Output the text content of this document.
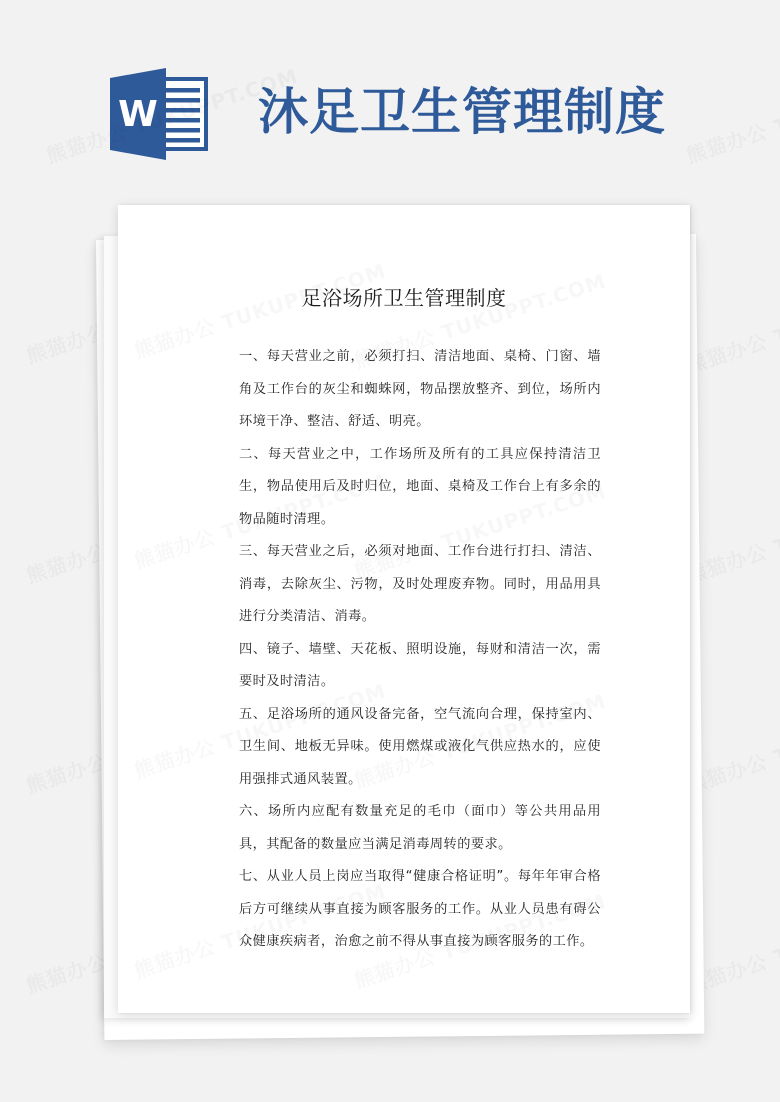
W 沐足卫生管理制度
足浴场所卫生管理制度

一、每天营业之前，必须打扫、清洁地面、桌椅、门窗、墙角及工作台的灰尘和蜘蛛网，物品摆放整齐、到位，场所内环境干净、整洁、舒适、明亮。

二、每天营业之中，工作场所及所有的工具应保持清洁卫生，物品使用后及时归位，地面、桌椅及工作台上有多余的物品随时清理。

三、每天营业之后，必须对地面、工作台进行打扫、清洁、消毒，去除灰尘、污物，及时处理废弃物。同时，用品用具进行分类清洁、消毒。

四、镜子、墙壁、天花板、照明设施，每财和清洁一次，需要时及时清洁。

五、足浴场所的通风设备完备，空气流向合理，保持室内、卫生间、地板无异味。使用燃煤或液化气供应热水的，应使用强排式通风装置。

六、场所内应配有数量充足的毛巾（面巾）等公共用品用具，其配备的数量应当满足消毒周转的要求。

七、从业人员上岗应当取得“健康合格证明”。每年年审合格后方可继续从事直接为顾客服务的工作。从业人员患有碍公众健康疾病者，治愈之前不得从事直接为顾客服务的工作。
